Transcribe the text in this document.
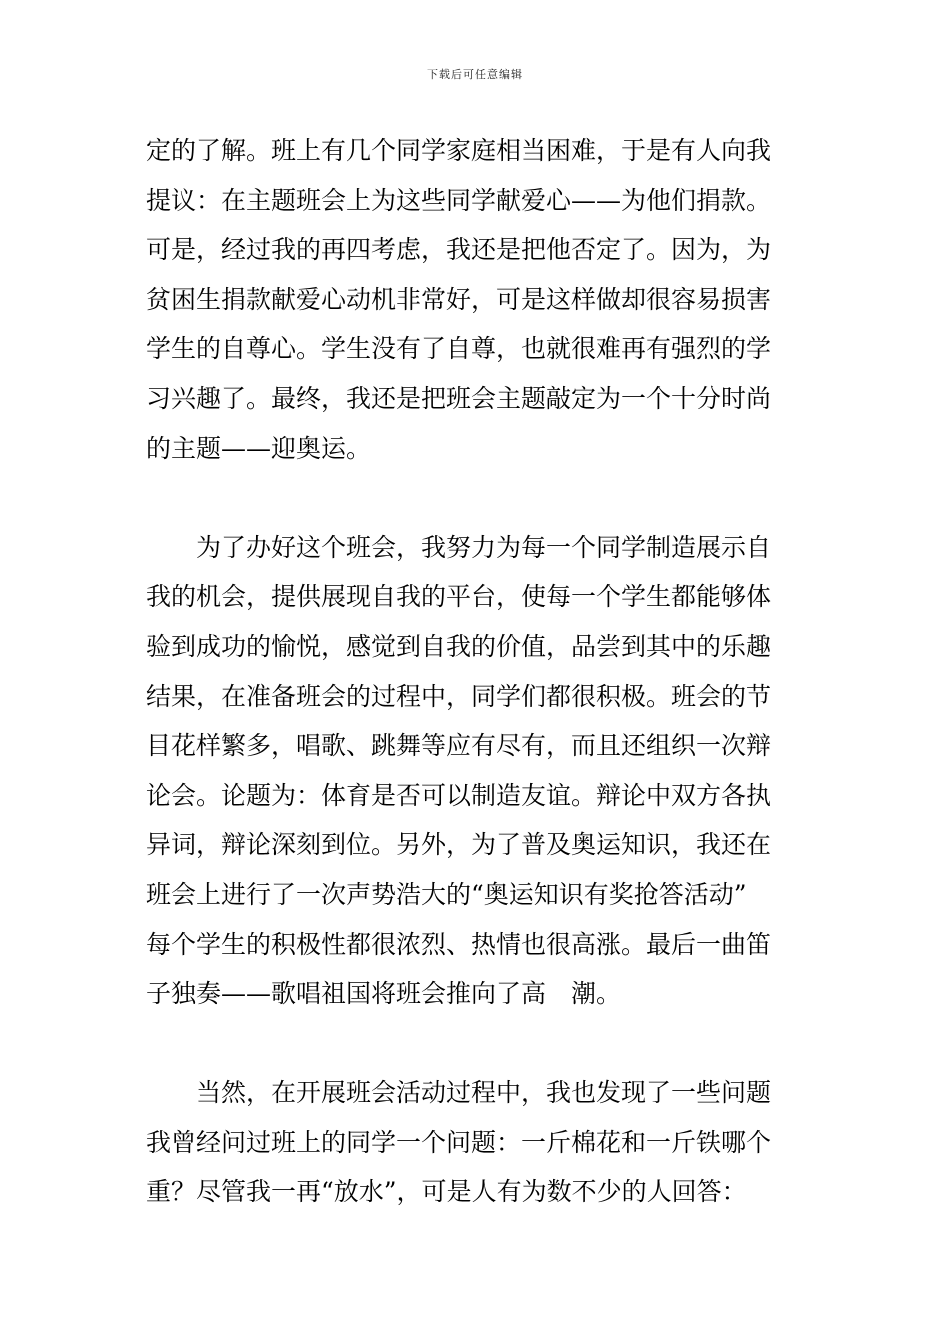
下载后可任意编辑
定的了解。班上有几个同学家庭相当困难，于是有人向我
提议：在主题班会上为这些同学献爱心——为他们捐款。
可是，经过我的再四考虑，我还是把他否定了。因为，为
贫困生捐款献爱心动机非常好，可是这样做却很容易损害
学生的自尊心。学生没有了自尊，也就很难再有强烈的学
习兴趣了。最终，我还是把班会主题敲定为一个十分时尚
的主题——迎奥运。
　　为了办好这个班会，我努力为每一个同学制造展示自
我的机会，提供展现自我的平台，使每一个学生都能够体
验到成功的愉悦，感觉到自我的价值，品尝到其中的乐趣
结果，在准备班会的过程中，同学们都很积极。班会的节
目花样繁多，唱歌、跳舞等应有尽有，而且还组织一次辩
论会。论题为：体育是否可以制造友谊。辩论中双方各执
异词，辩论深刻到位。另外，为了普及奥运知识，我还在
班会上进行了一次声势浩大的“奥运知识有奖抢答活动”
每个学生的积极性都很浓烈、热情也很高涨。最后一曲笛
子独奏——歌唱祖国将班会推向了高　潮。
　　当然，在开展班会活动过程中，我也发现了一些问题
我曾经问过班上的同学一个问题：一斤棉花和一斤铁哪个
重？尽管我一再“放水”，可是人有为数不少的人回答：
